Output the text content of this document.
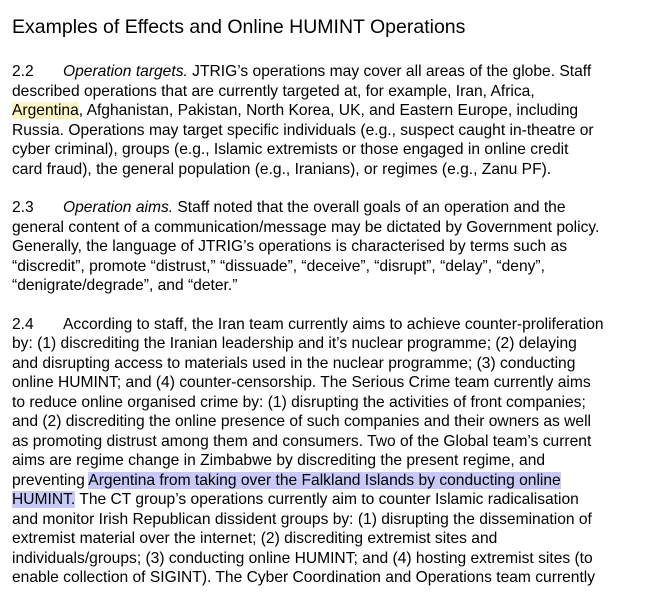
Examples of Effects and Online HUMINT Operations
2.2 Operation targets. JTRIG’s operations may cover all areas of the globe. Staff
described operations that are currently targeted at, for example, Iran, Africa,
Argentina, Afghanistan, Pakistan, North Korea, UK, and Eastern Europe, including
Russia. Operations may target specific individuals (e.g., suspect caught in-theatre or
cyber criminal), groups (e.g., Islamic extremists or those engaged in online credit
card fraud), the general population (e.g., Iranians), or regimes (e.g., Zanu PF).
2.3 Operation aims. Staff noted that the overall goals of an operation and the
general content of a communication/message may be dictated by Government policy.
Generally, the language of JTRIG’s operations is characterised by terms such as
“discredit”, promote “distrust,” “dissuade”, “deceive”, “disrupt”, “delay”, “deny”,
“denigrate/degrade”, and “deter.”
2.4 According to staff, the Iran team currently aims to achieve counter-proliferation
by: (1) discrediting the Iranian leadership and it’s nuclear programme; (2) delaying
and disrupting access to materials used in the nuclear programme; (3) conducting
online HUMINT; and (4) counter-censorship. The Serious Crime team currently aims
to reduce online organised crime by: (1) disrupting the activities of front companies;
and (2) discrediting the online presence of such companies and their owners as well
as promoting distrust among them and consumers. Two of the Global team’s current
aims are regime change in Zimbabwe by discrediting the present regime, and
preventing Argentina from taking over the Falkland Islands by conducting online
HUMINT. The CT group’s operations currently aim to counter Islamic radicalisation
and monitor Irish Republican dissident groups by: (1) disrupting the dissemination of
extremist material over the internet; (2) discrediting extremist sites and
individuals/groups; (3) conducting online HUMINT; and (4) hosting extremist sites (to
enable collection of SIGINT). The Cyber Coordination and Operations team currently
